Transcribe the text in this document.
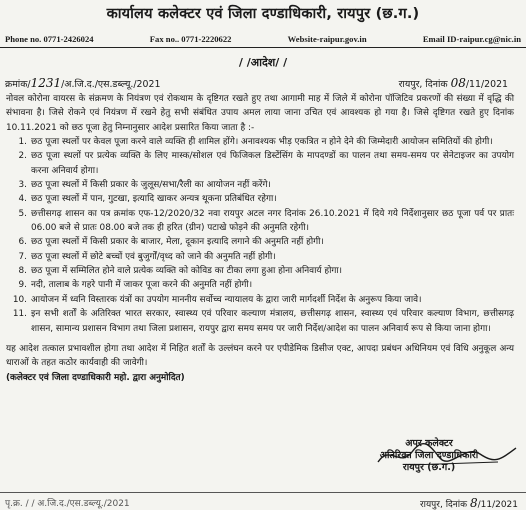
कार्यालय कलेक्टर एवं जिला दण्डाधिकारी, रायपुर (छ.ग.)
Phone no. 0771-2426024	Fax no.. 0771-2220622	Website-raipur.gov.in	Email ID-raipur.cg@nic.in
/ /आदेश/ /
क्रमांक/1231/अ.जि.द./एस.डब्ल्यू./2021	रायपुर, दिनांक 08/11/2021
नोवल कोरोना वायरस के संक्रमण के नियंत्रण एवं रोकथाम के दृष्टिगत रखते हुए तथा आगामी माह में जिले में कोरोना पॉजिटिव प्रकरणों की संख्या में वृद्धि की संभावना है। जिसे रोकने एवं नियंत्रण में रखने हेतु सभी संबंधित उपाय अमल लाया जाना उचित एवं आवश्यक हो गया है। जिसे दृष्टिगत रखते हुए दिनांक 10.11.2021 को छठ पूजा हेतु निम्नानुसार आदेश प्रसारित किया जाता है :-
1. छठ पूजा स्थलों पर केवल पूजा करने वाले व्यक्ति ही शामिल होंगे। अनावश्यक भीड़ एकत्रित न होने देने की जिम्मेदारी आयोजन समितियों की होगी।
2. छठ पूजा स्थलों पर प्रत्येक व्यक्ति के लिए मास्क/सोशल एवं फिजिकल डिस्टेंसिंग के मापदण्डों का पालन तथा समय-समय पर सेनेटाइजर का उपयोग करना अनिवार्य होगा।
3. छठ पूजा स्थलों में किसी प्रकार के जुलूस/सभा/रैली का आयोजन नहीं करेंगे।
4. छठ पूजा स्थलों में पान, गुटखा, इत्यादि खाकर अन्यत्र थूकना प्रतिबंधित रहेगा।
5. छत्तीसगढ़ शासन का पत्र क्रमांक एफ-12/2020/32 नवा रायपुर अटल नगर दिनांक 26.10.2021 में दिये गये निर्देशानुसार छठ पूजा पर्व पर प्रातः 06.00 बजे से प्रातः 08.00 बजे तक ही हरित (ग्रीन) पटाखे फोड़ने की अनुमति रहेगी।
6. छठ पूजा स्थलों में किसी प्रकार के बाजार, मेला, दूकान इत्यादि लगाने की अनुमति नहीं होगी।
7. छठ पूजा स्थलों में छोटे बच्चों एवं बुजुर्गों/वृध्द को जाने की अनुमति नहीं होगी।
8. छठ पूजा में सम्मिलित होने वाले प्रत्येक व्यक्ति को कोविड का टीका लगा हुआ होना अनिवार्य होगा।
9. नदी, तालाब के गहरे पानी में जाकर पूजा करने की अनुमति नहीं होगी।
10. आयोजन में ध्वनि विस्तारक यंत्रों का उपयोग माननीय सर्वोच्च न्यायालय के द्वारा जारी मार्गदर्शी निर्देश के अनुरूप किया जावे।
11. इन सभी शर्तों के अतिरिक्त भारत सरकार, स्वास्थ्य एवं परिवार कल्याण मंत्रालय, छत्तीसगढ़ शासन, स्वास्थ्य एवं परिवार कल्याण विभाग, छत्तीसगढ़ शासन, सामान्य प्रशासन विभाग तथा जिला प्रशासन, रायपुर द्वारा समय समय पर जारी निर्देश/आदेश का पालन अनिवार्य रूप से किया जाना होगा।
यह आदेश तत्काल प्रभावशील होगा तथा आदेश में निहित शर्तों के उल्लंघन करने पर एपीडेमिक डिसीज एक्ट, आपदा प्रबंधन अधिनियम एवं विधि अनुकूल अन्य धाराओं के तहत कठोर कार्यवाही की जावेगी।
(कलेक्टर एवं जिला दण्डाधिकारी महो. द्वारा अनुमोदित)
अपर कलेक्टर
अतिरिक्त जिला दण्डाधिकारी
रायपुर (छ.ग.)
पृ.क्र. / / अ.जि.द./एस.डब्ल्यू./2021	रायपुर, दिनांक 8/11/2021
